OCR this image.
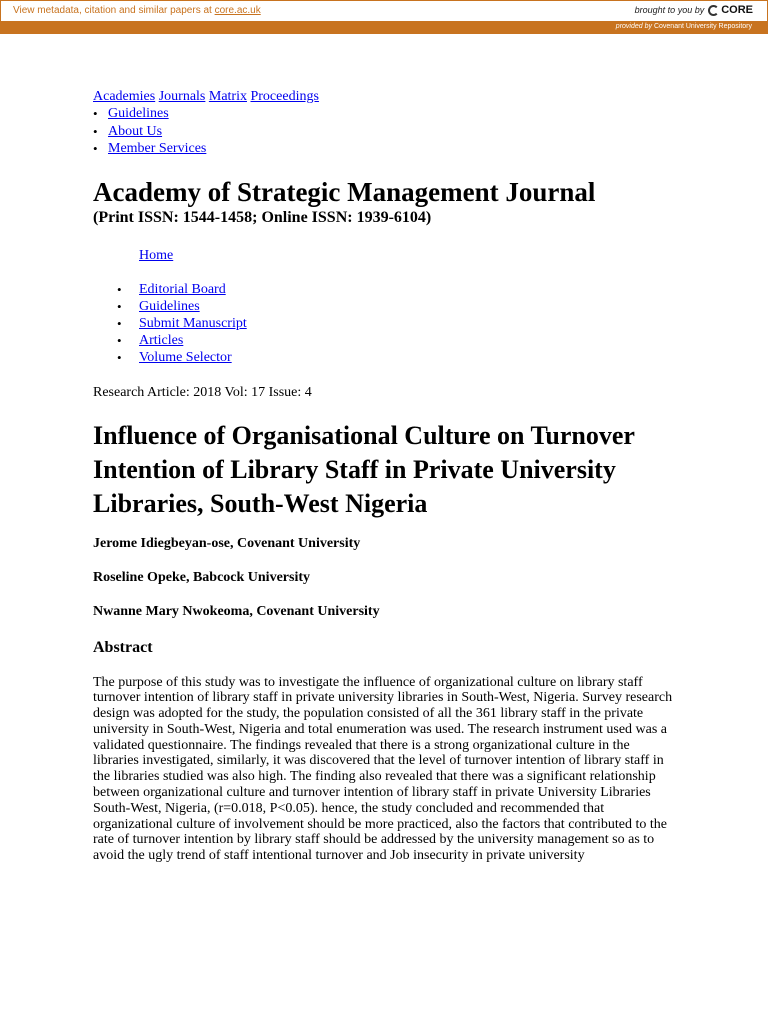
View metadata, citation and similar papers at core.ac.uk	brought to you by CORE
provided by Covenant University Repository
Academies Journals Matrix Proceedings
• Guidelines
• About Us
• Member Services
Academy of Strategic Management Journal
(Print ISSN: 1544-1458; Online ISSN: 1939-6104)
Home
• Editorial Board
• Guidelines
• Submit Manuscript
• Articles
• Volume Selector
Research Article: 2018 Vol: 17 Issue: 4
Influence of Organisational Culture on Turnover Intention of Library Staff in Private University Libraries, South-West Nigeria
Jerome Idiegbeyan-ose, Covenant University
Roseline Opeke, Babcock University
Nwanne Mary Nwokeoma, Covenant University
Abstract
The purpose of this study was to investigate the influence of organizational culture on library staff turnover intention of library staff in private university libraries in South-West, Nigeria. Survey research design was adopted for the study, the population consisted of all the 361 library staff in the private university in South-West, Nigeria and total enumeration was used. The research instrument used was a validated questionnaire. The findings revealed that there is a strong organizational culture in the libraries investigated, similarly, it was discovered that the level of turnover intention of library staff in the libraries studied was also high. The finding also revealed that there was a significant relationship between organizational culture and turnover intention of library staff in private University Libraries South-West, Nigeria, (r=0.018, P<0.05). hence, the study concluded and recommended that organizational culture of involvement should be more practiced, also the factors that contributed to the rate of turnover intention by library staff should be addressed by the university management so as to avoid the ugly trend of staff intentional turnover and Job insecurity in private university
